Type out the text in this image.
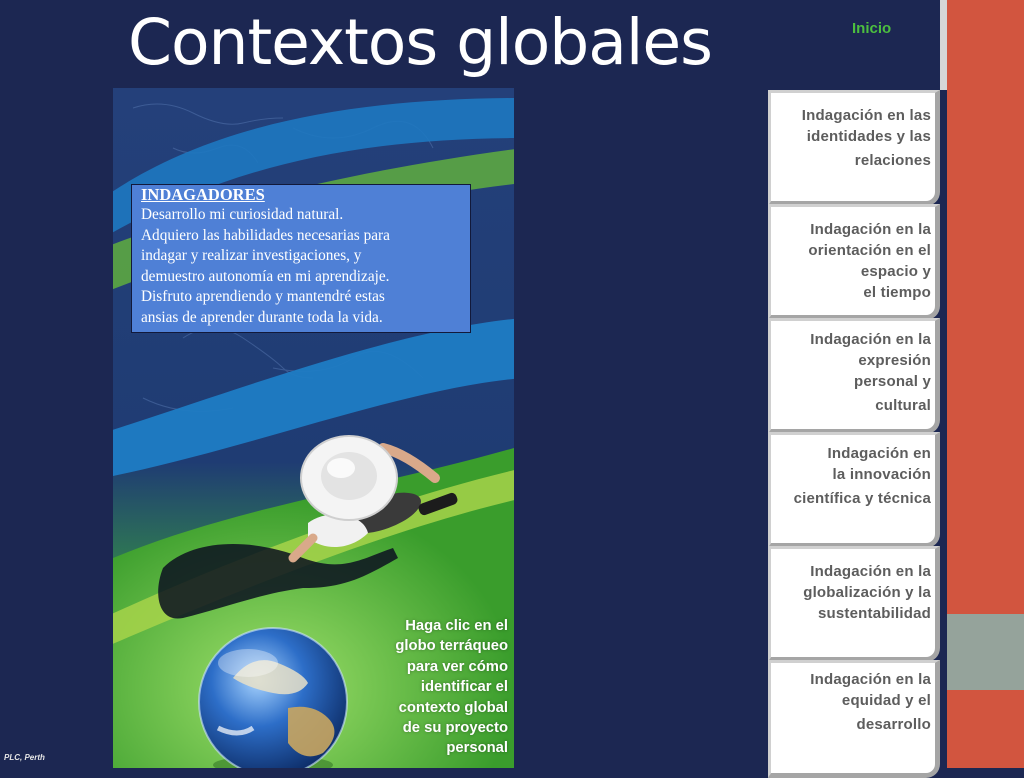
Contextos globales	Inicio

INDAGADORES

Desarrollo mi curiosidad natural.

Adquiero las habilidades necesarias para

indagar y realizar investigaciones, y

demuestro autonomía en mi aprendizaje.

Disfruto aprendiendo y mantendré estas

ansias de aprender durante toda la vida.

Haga clic en el
globo terráqueo
para ver cómo
identificar el
contexto global
de su proyecto
personal
Indagación en las
identidades y las
relaciones
Indagación en la
orientación en el
espacio y
el tiempo
Indagación en la
expresión
personal y
cultural
Indagación en
la innovación
científica y técnica
Indagación en la
globalización y la
sustentabilidad
Indagación en la
equidad y el
desarrollo
PLC, Perth
